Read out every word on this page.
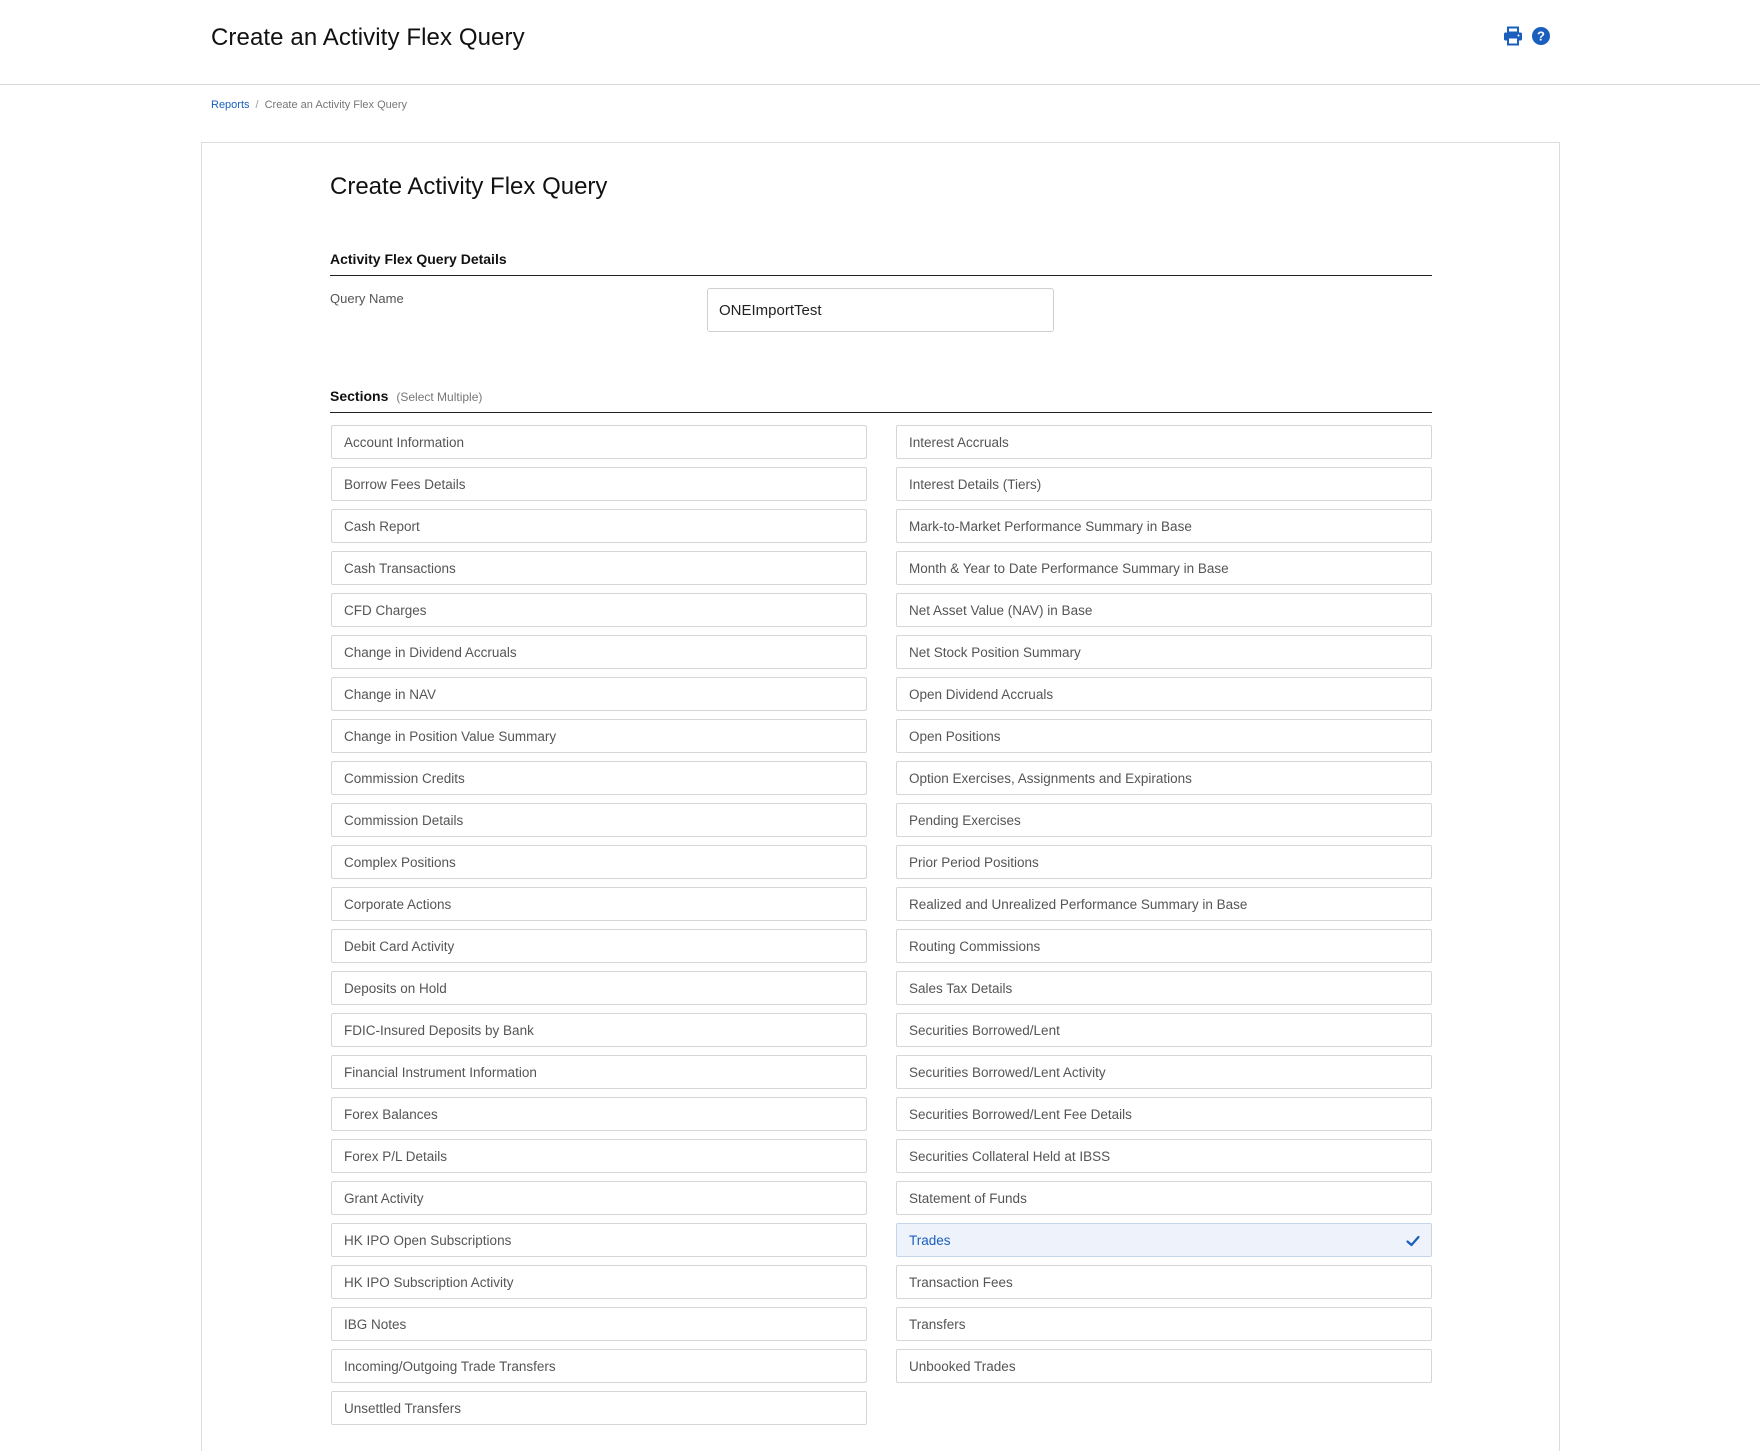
Create an Activity Flex Query	?
Reports / Create an Activity Flex Query
Create Activity Flex Query
Activity Flex Query Details
Query Name
ONEImportTest
Sections (Select Multiple)
Account Information
Borrow Fees Details
Cash Report
Cash Transactions
CFD Charges
Change in Dividend Accruals
Change in NAV
Change in Position Value Summary
Commission Credits
Commission Details
Complex Positions
Corporate Actions
Debit Card Activity
Deposits on Hold
FDIC-Insured Deposits by Bank
Financial Instrument Information
Forex Balances
Forex P/L Details
Grant Activity
HK IPO Open Subscriptions
HK IPO Subscription Activity
IBG Notes
Incoming/Outgoing Trade Transfers
Unsettled Transfers
Interest Accruals
Interest Details (Tiers)
Mark-to-Market Performance Summary in Base
Month & Year to Date Performance Summary in Base
Net Asset Value (NAV) in Base
Net Stock Position Summary
Open Dividend Accruals
Open Positions
Option Exercises, Assignments and Expirations
Pending Exercises
Prior Period Positions
Realized and Unrealized Performance Summary in Base
Routing Commissions
Sales Tax Details
Securities Borrowed/Lent
Securities Borrowed/Lent Activity
Securities Borrowed/Lent Fee Details
Securities Collateral Held at IBSS
Statement of Funds
Trades
Transaction Fees
Transfers
Unbooked Trades
